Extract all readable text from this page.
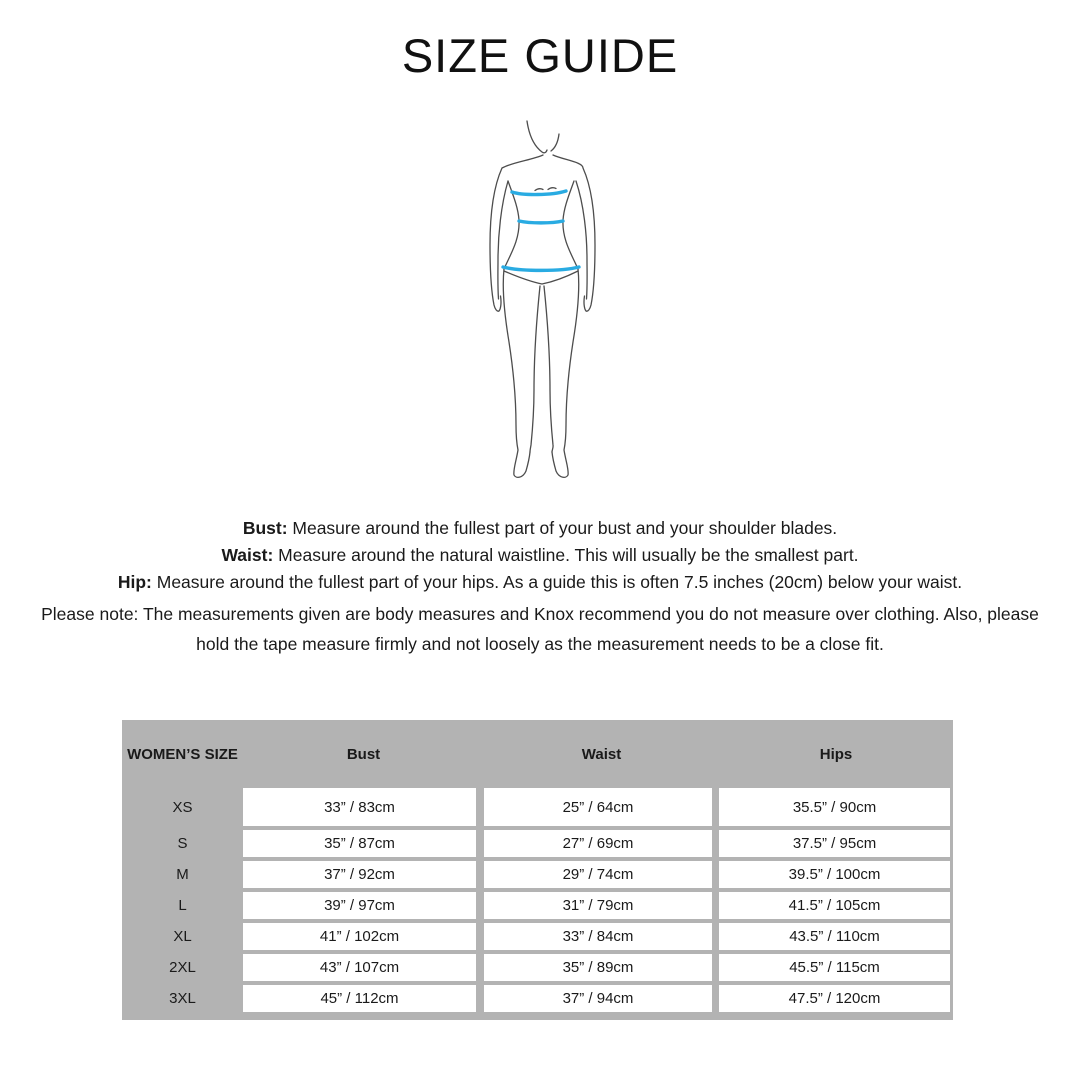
SIZE GUIDE

Bust: Measure around the fullest part of your bust and your shoulder blades.

Waist: Measure around the natural waistline. This will usually be the smallest part.

Hip: Measure around the fullest part of your hips. As a guide this is often 7.5 inches (20cm) below your waist.

Please note: The measurements given are body measures and Knox recommend you do not measure over clothing. Also, please hold the tape measure firmly and not loosely as the measurement needs to be a close fit.

WOMEN’S SIZE	Bust	Waist	Hips
XS	33” / 83cm	25” / 64cm	35.5” / 90cm
S	35” / 87cm	27” / 69cm	37.5” / 95cm
M	37” / 92cm	29” / 74cm	39.5” / 100cm
L	39” / 97cm	31” / 79cm	41.5” / 105cm
XL	41” / 102cm	33” / 84cm	43.5” / 110cm
2XL	43” / 107cm	35” / 89cm	45.5” / 115cm
3XL	45” / 112cm	37” / 94cm	47.5” / 120cm
